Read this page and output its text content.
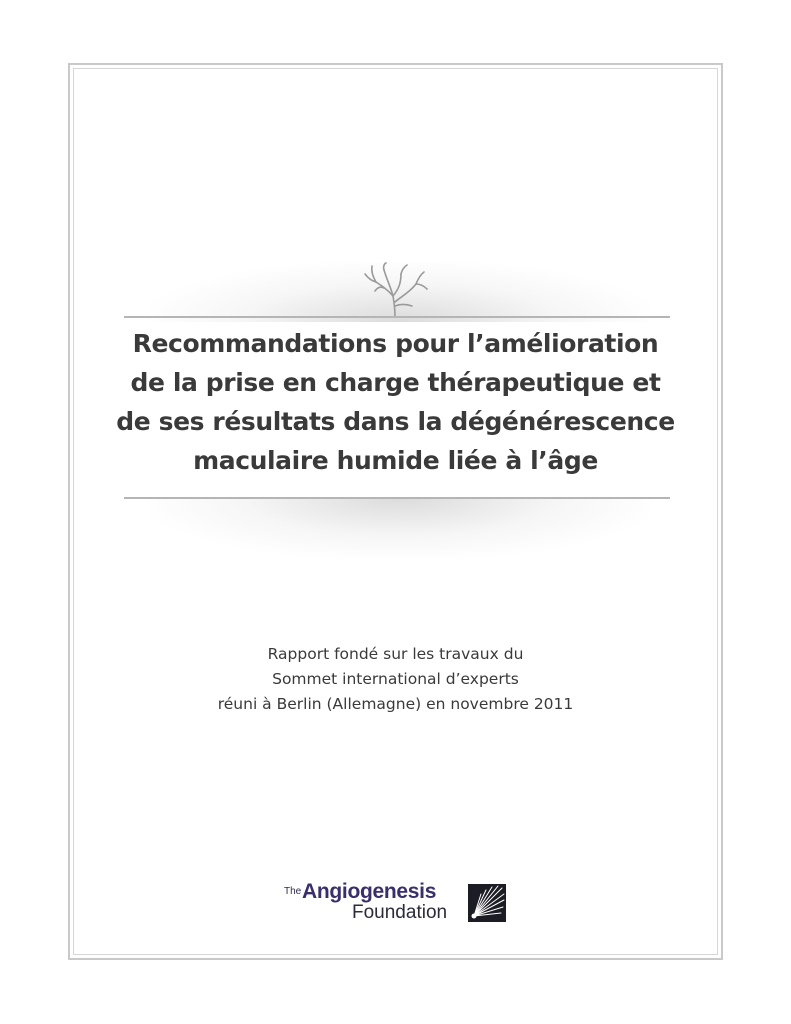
Recommandations pour l’amélioration
de la prise en charge thérapeutique et
de ses résultats dans la dégénérescence
maculaire humide liée à l’âge
Rapport fondé sur les travaux du
Sommet international d’experts
réuni à Berlin (Allemagne) en novembre 2011
The Angiogenesis
Foundation
